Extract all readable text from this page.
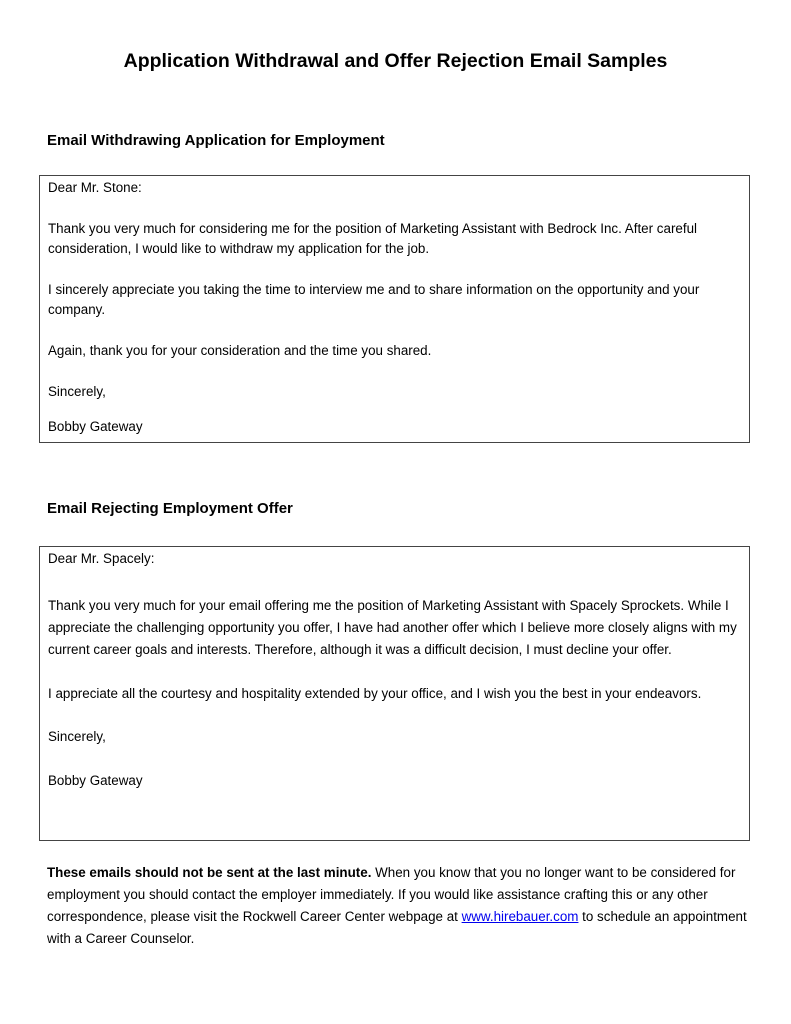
Application Withdrawal and Offer Rejection Email Samples
Email Withdrawing Application for Employment

Dear Mr. Stone:

Thank you very much for considering me for the position of Marketing Assistant with Bedrock Inc. After careful consideration, I would like to withdraw my application for the job.

I sincerely appreciate you taking the time to interview me and to share information on the opportunity and your company.

Again, thank you for your consideration and the time you shared.

Sincerely,

Bobby Gateway

Email Rejecting Employment Offer

Dear Mr. Spacely:

Thank you very much for your email offering me the position of Marketing Assistant with Spacely Sprockets. While I appreciate the challenging opportunity you offer, I have had another offer which I believe more closely aligns with my current career goals and interests. Therefore, although it was a difficult decision, I must decline your offer.

I appreciate all the courtesy and hospitality extended by your office, and I wish you the best in your endeavors.

Sincerely,

Bobby Gateway

These emails should not be sent at the last minute. When you know that you no longer want to be considered for employment you should contact the employer immediately. If you would like assistance crafting this or any other correspondence, please visit the Rockwell Career Center webpage at www.hirebauer.com to schedule an appointment with a Career Counselor.
